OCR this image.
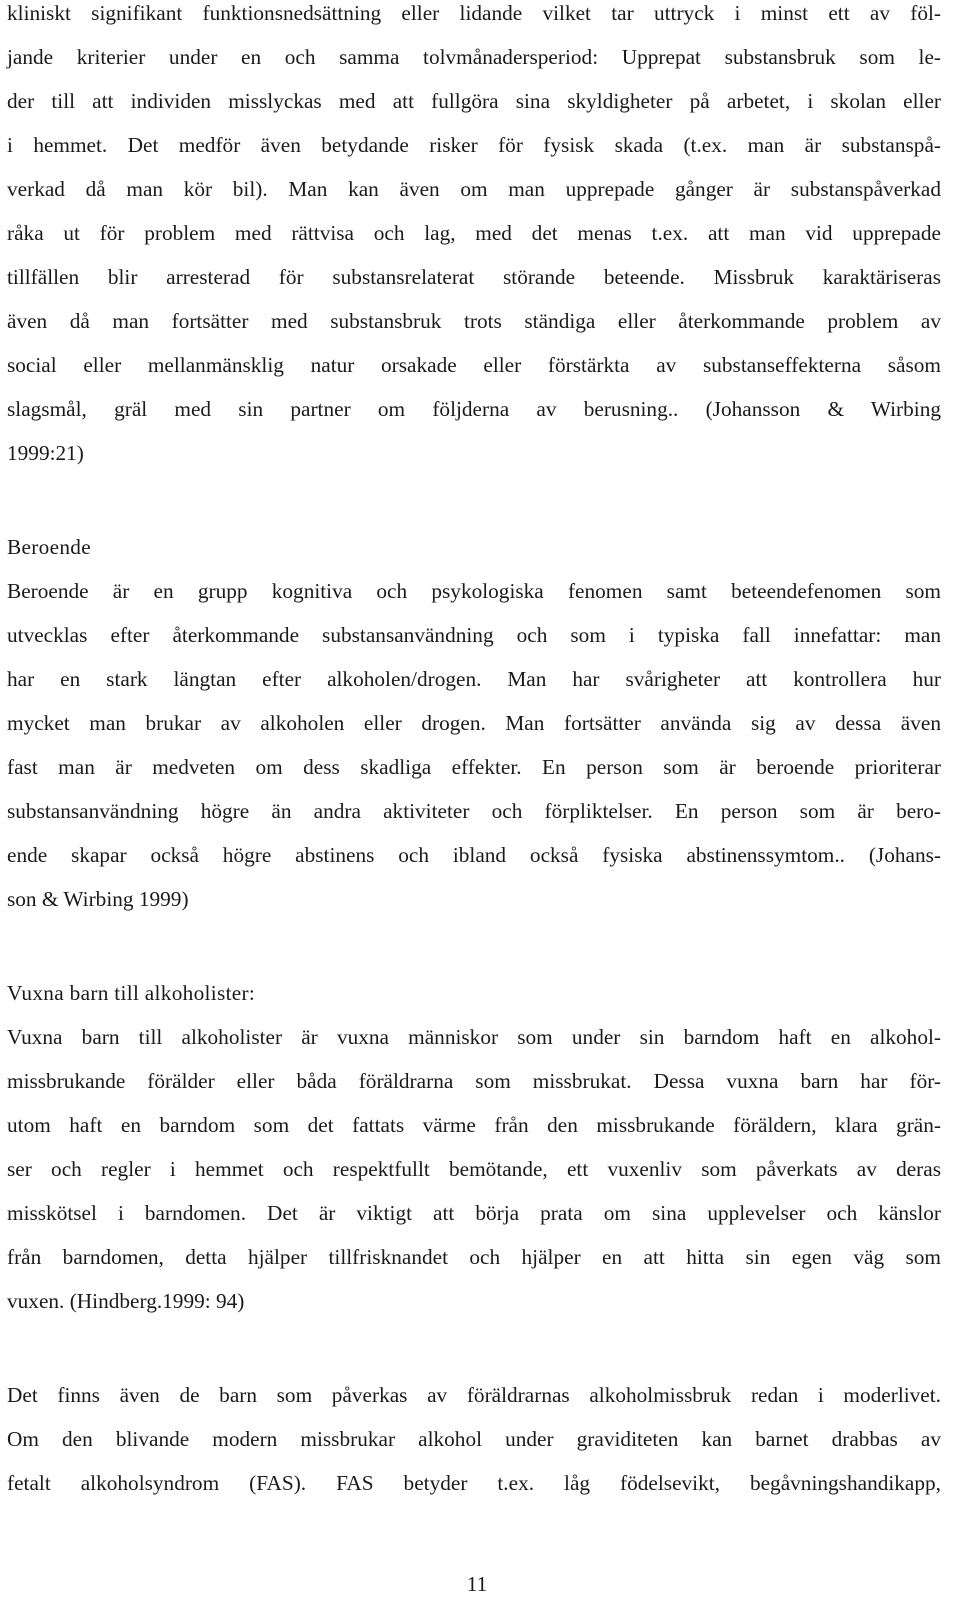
kliniskt signifikant funktionsnedsättning eller lidande vilket tar uttryck i minst ett av föl-
jande kriterier under en och samma tolvmånadersperiod: Upprepat substansbruk som le-
der till att individen misslyckas med att fullgöra sina skyldigheter på arbetet, i skolan eller
i hemmet. Det medför även betydande risker för fysisk skada (t.ex. man är substanspå-
verkad då man kör bil). Man kan även om man upprepade gånger är substanspåverkad
råka ut för problem med rättvisa och lag, med det menas t.ex. att man vid upprepade
tillfällen blir arresterad för substansrelaterat störande beteende. Missbruk karaktäriseras
även då man fortsätter med substansbruk trots ständiga eller återkommande problem av
social eller mellanmänsklig natur orsakade eller förstärkta av substanseffekterna såsom
slagsmål, gräl med sin partner om följderna av berusning.. (Johansson & Wirbing
1999:21)
Beroende
Beroende är en grupp kognitiva och psykologiska fenomen samt beteendefenomen som
utvecklas efter återkommande substansanvändning och som i typiska fall innefattar: man
har en stark längtan efter alkoholen/drogen. Man har svårigheter att kontrollera hur
mycket man brukar av alkoholen eller drogen. Man fortsätter använda sig av dessa även
fast man är medveten om dess skadliga effekter. En person som är beroende prioriterar
substansanvändning högre än andra aktiviteter och förpliktelser. En person som är bero-
ende skapar också högre abstinens och ibland också fysiska abstinenssymtom.. (Johans-
son & Wirbing 1999)
Vuxna barn till alkoholister:
Vuxna barn till alkoholister är vuxna människor som under sin barndom haft en alkohol-
missbrukande förälder eller båda föräldrarna som missbrukat. Dessa vuxna barn har för-
utom haft en barndom som det fattats värme från den missbrukande föräldern, klara grän-
ser och regler i hemmet och respektfullt bemötande, ett vuxenliv som påverkats av deras
misskötsel i barndomen. Det är viktigt att börja prata om sina upplevelser och känslor
från barndomen, detta hjälper tillfrisknandet och hjälper en att hitta sin egen väg som
vuxen. (Hindberg.1999: 94)
Det finns även de barn som påverkas av föräldrarnas alkoholmissbruk redan i moderlivet.
Om den blivande modern missbrukar alkohol under graviditeten kan barnet drabbas av
fetalt alkoholsyndrom (FAS). FAS betyder t.ex. låg födelsevikt, begåvningshandikapp,
11
